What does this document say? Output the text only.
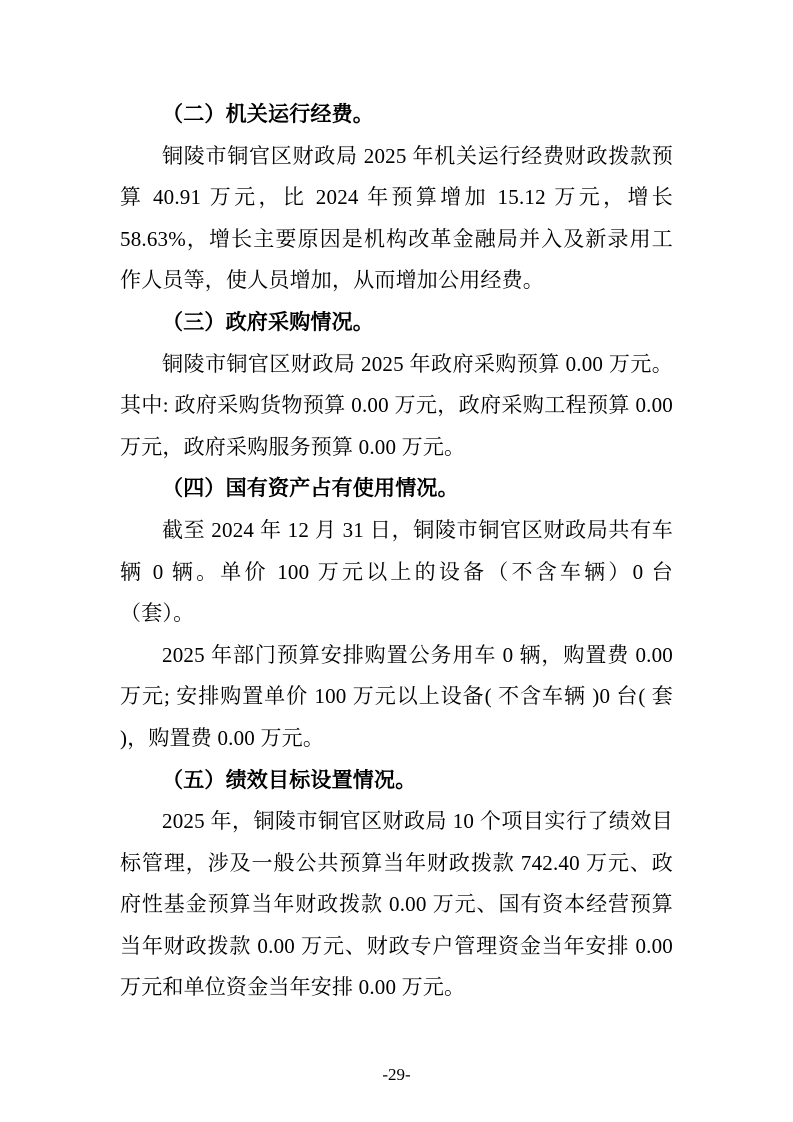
（二）机关运行经费。

铜陵市铜官区财政局 2025 年机关运行经费财政拨款预算 40.91 万元，比 2024 年预算增加 15.12 万元，增长 58.63%，增长主要原因是机构改革金融局并入及新录用工作人员等，使人员增加，从而增加公用经费。

（三）政府采购情况。

铜陵市铜官区财政局 2025 年政府采购预算 0.00 万元。其中: 政府采购货物预算 0.00 万元，政府采购工程预算 0.00 万元，政府采购服务预算 0.00 万元。

（四）国有资产占有使用情况。

截至 2024 年 12 月 31 日，铜陵市铜官区财政局共有车辆 0 辆。单价 100 万元以上的设备（不含车辆）0 台（套）。

2025 年部门预算安排购置公务用车 0 辆，购置费 0.00 万元; 安排购置单价 100 万元以上设备( 不含车辆 )0 台( 套 )，购置费 0.00 万元。

（五）绩效目标设置情况。

2025 年，铜陵市铜官区财政局 10 个项目实行了绩效目标管理，涉及一般公共预算当年财政拨款 742.40 万元、政府性基金预算当年财政拨款 0.00 万元、国有资本经营预算当年财政拨款 0.00 万元、财政专户管理资金当年安排 0.00 万元和单位资金当年安排 0.00 万元。

-29-
